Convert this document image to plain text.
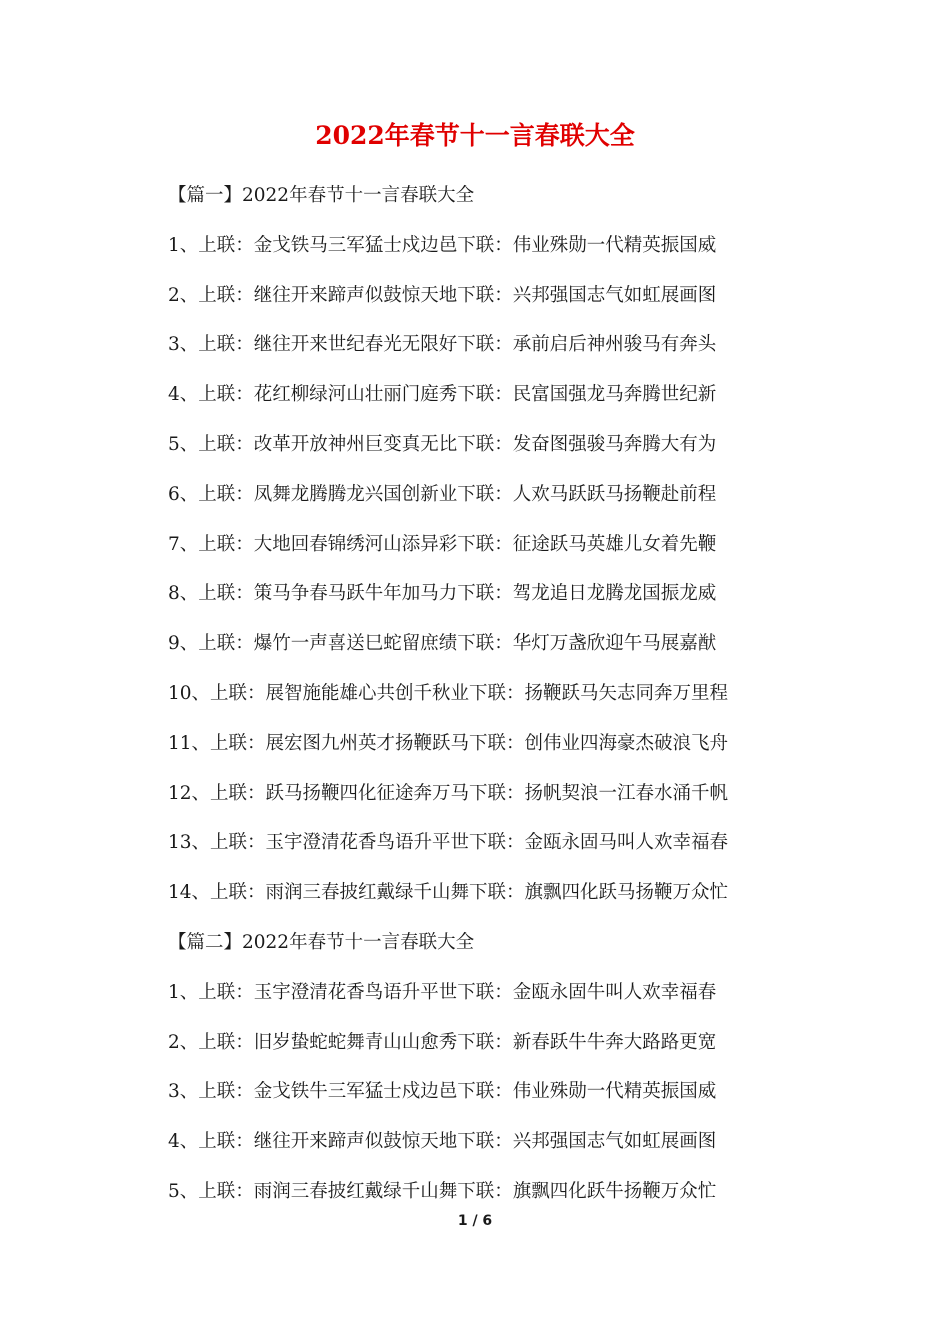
2022年春节十一言春联大全
【篇一】2022年春节十一言春联大全
1、上联：金戈铁马三军猛士戍边邑下联：伟业殊勋一代精英振国威
2、上联：继往开来蹄声似鼓惊天地下联：兴邦强国志气如虹展画图
3、上联：继往开来世纪春光无限好下联：承前启后神州骏马有奔头
4、上联：花红柳绿河山壮丽门庭秀下联：民富国强龙马奔腾世纪新
5、上联：改革开放神州巨变真无比下联：发奋图强骏马奔腾大有为
6、上联：凤舞龙腾腾龙兴国创新业下联：人欢马跃跃马扬鞭赴前程
7、上联：大地回春锦绣河山添异彩下联：征途跃马英雄儿女着先鞭
8、上联：策马争春马跃牛年加马力下联：驾龙追日龙腾龙国振龙威
9、上联：爆竹一声喜送巳蛇留庶绩下联：华灯万盏欣迎午马展嘉猷
10、上联：展智施能雄心共创千秋业下联：扬鞭跃马矢志同奔万里程
11、上联：展宏图九州英才扬鞭跃马下联：创伟业四海豪杰破浪飞舟
12、上联：跃马扬鞭四化征途奔万马下联：扬帆契浪一江春水涌千帆
13、上联：玉宇澄清花香鸟语升平世下联：金瓯永固马叫人欢幸福春
14、上联：雨润三春披红戴绿千山舞下联：旗飘四化跃马扬鞭万众忙
【篇二】2022年春节十一言春联大全
1、上联：玉宇澄清花香鸟语升平世下联：金瓯永固牛叫人欢幸福春
2、上联：旧岁蛰蛇蛇舞青山山愈秀下联：新春跃牛牛奔大路路更宽
3、上联：金戈铁牛三军猛士戍边邑下联：伟业殊勋一代精英振国威
4、上联：继往开来蹄声似鼓惊天地下联：兴邦强国志气如虹展画图
5、上联：雨润三春披红戴绿千山舞下联：旗飘四化跃牛扬鞭万众忙
1 / 6
